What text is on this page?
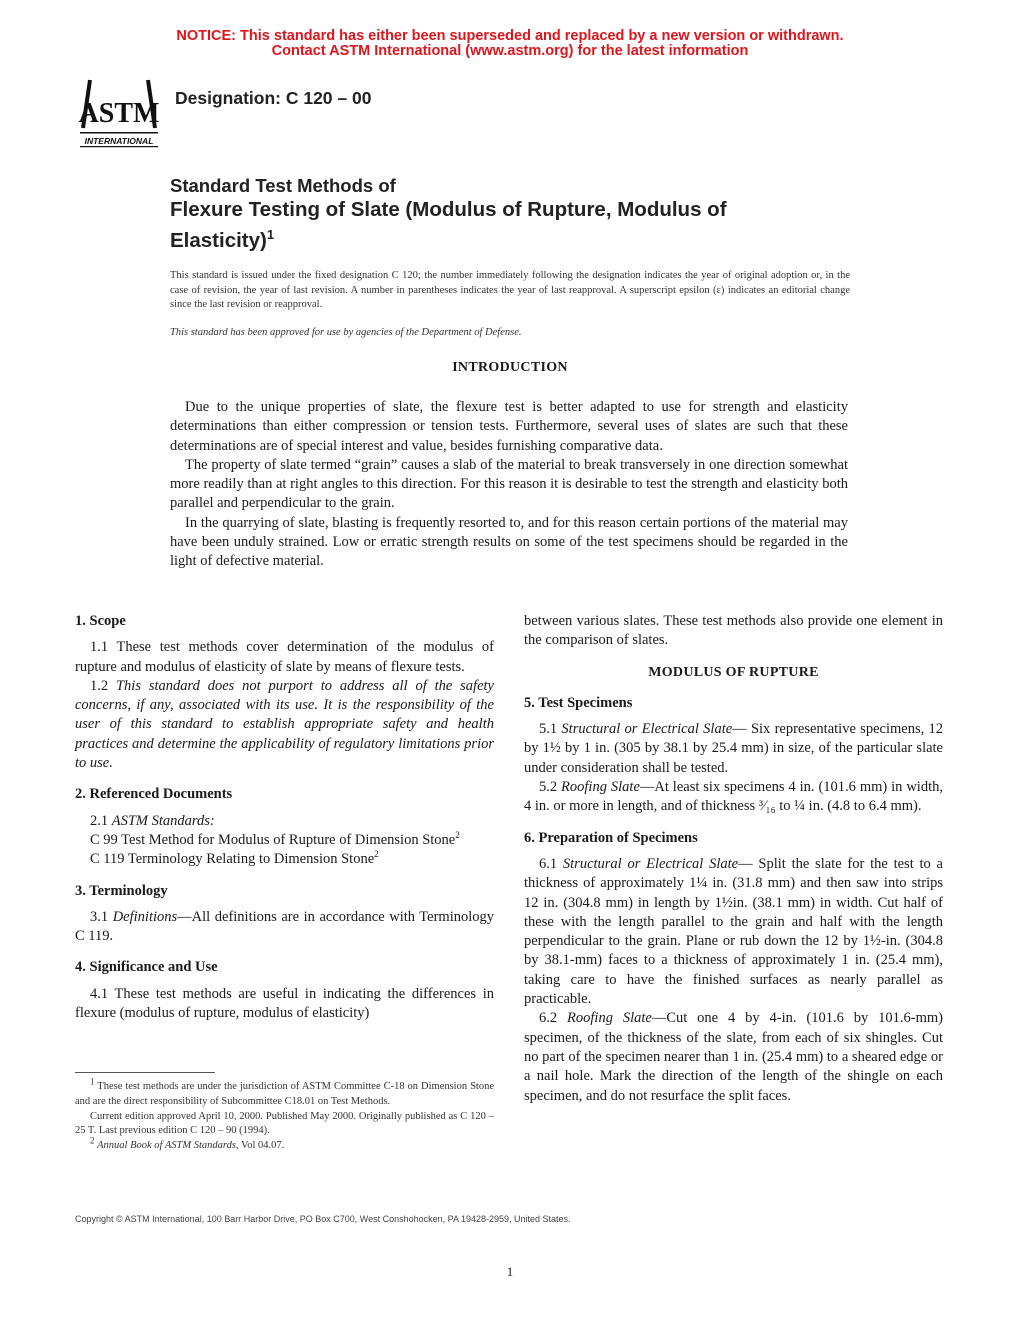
NOTICE: This standard has either been superseded and replaced by a new version or withdrawn.
Contact ASTM International (www.astm.org) for the latest information
ASTM
INTERNATIONAL
Designation: C 120 – 00
Standard Test Methods of
Flexure Testing of Slate (Modulus of Rupture, Modulus of
Elasticity)$^1$
This standard is issued under the fixed designation C 120; the number immediately following the designation indicates the year of original adoption or, in the case of revision, the year of last revision. A number in parentheses indicates the year of last reapproval. A superscript epsilon (ε) indicates an editorial change since the last revision or reapproval.
This standard has been approved for use by agencies of the Department of Defense.
INTRODUCTION

Due to the unique properties of slate, the flexure test is better adapted to use for strength and elasticity determinations than either compression or tension tests. Furthermore, several uses of slates are such that these determinations are of special interest and value, besides furnishing comparative data.

The property of slate termed “grain” causes a slab of the material to break transversely in one direction somewhat more readily than at right angles to this direction. For this reason it is desirable to test the strength and elasticity both parallel and perpendicular to the grain.

In the quarrying of slate, blasting is frequently resorted to, and for this reason certain portions of the material may have been unduly strained. Low or erratic strength results on some of the test specimens should be regarded in the light of defective material.

1. Scope

1.1 These test methods cover determination of the modulus of rupture and modulus of elasticity of slate by means of flexure tests.

1.2 This standard does not purport to address all of the safety concerns, if any, associated with its use. It is the responsibility of the user of this standard to establish appropriate safety and health practices and determine the applicability of regulatory limitations prior to use.

2. Referenced Documents

2.1 ASTM Standards:

C 99 Test Method for Modulus of Rupture of Dimension Stone$^2$

C 119 Terminology Relating to Dimension Stone$^2$

3. Terminology

3.1 Definitions—All definitions are in accordance with Terminology C 119.

4. Significance and Use

4.1 These test methods are useful in indicating the differences in flexure (modulus of rupture, modulus of elasticity)

between various slates. These test methods also provide one element in the comparison of slates.

MODULUS OF RUPTURE
5. Test Specimens

5.1 Structural or Electrical Slate— Six representative specimens, 12 by 1½ by 1 in. (305 by 38.1 by 25.4 mm) in size, of the particular slate under consideration shall be tested.

5.2 Roofing Slate—At least six specimens 4 in. (101.6 mm) in width, 4 in. or more in length, and of thickness ³⁄₁₆ to ¼ in. (4.8 to 6.4 mm).

6. Preparation of Specimens

6.1 Structural or Electrical Slate— Split the slate for the test to a thickness of approximately 1¼ in. (31.8 mm) and then saw into strips 12 in. (304.8 mm) in length by 1½in. (38.1 mm) in width. Cut half of these with the length parallel to the grain and half with the length perpendicular to the grain. Plane or rub down the 12 by 1½-in. (304.8 by 38.1-mm) faces to a thickness of approximately 1 in. (25.4 mm), taking care to have the finished surfaces as nearly parallel as practicable.

6.2 Roofing Slate—Cut one 4 by 4-in. (101.6 by 101.6-mm) specimen, of the thickness of the slate, from each of six shingles. Cut no part of the specimen nearer than 1 in. (25.4 mm) to a sheared edge or a nail hole. Mark the direction of the length of the shingle on each specimen, and do not resurface the split faces.

1 These test methods are under the jurisdiction of ASTM Committee C-18 on Dimension Stone and are the direct responsibility of Subcommittee C18.01 on Test Methods.

Current edition approved April 10, 2000. Published May 2000. Originally published as C 120 – 25 T. Last previous edition C 120 – 90 (1994).

2 Annual Book of ASTM Standards, Vol 04.07.

Copyright © ASTM International, 100 Barr Harbor Drive, PO Box C700, West Conshohocken, PA 19428-2959, United States.
1
